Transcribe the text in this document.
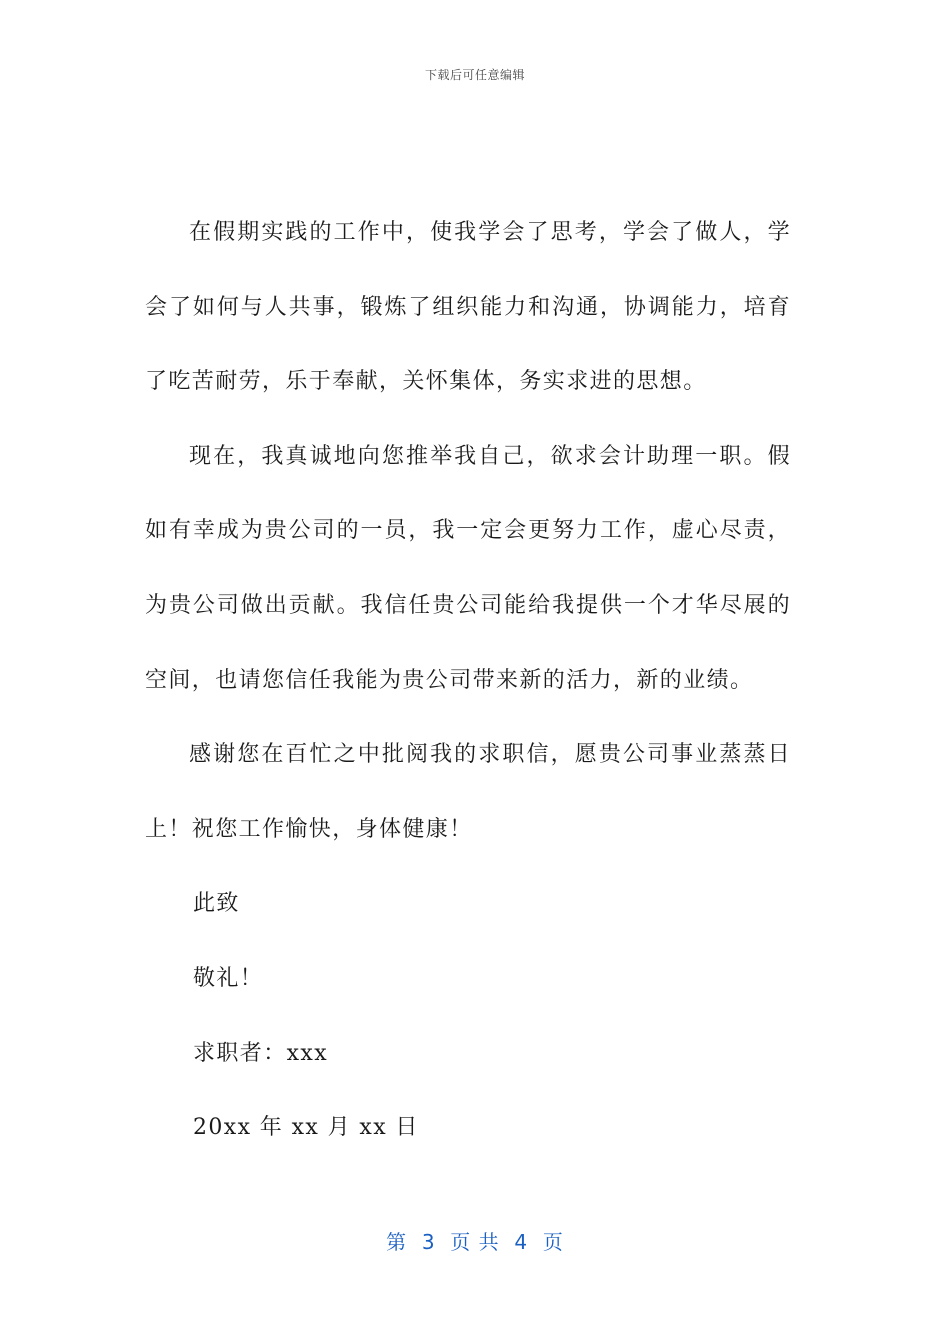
下载后可任意编辑

在假期实践的工作中，使我学会了思考，学会了做人，学会了如何与人共事，锻炼了组织能力和沟通，协调能力，培育了吃苦耐劳，乐于奉献，关怀集体，务实求进的思想。

现在，我真诚地向您推举我自己，欲求会计助理一职。假如有幸成为贵公司的一员，我一定会更努力工作，虚心尽责，为贵公司做出贡献。我信任贵公司能给我提供一个才华尽展的空间，也请您信任我能为贵公司带来新的活力，新的业绩。

感谢您在百忙之中批阅我的求职信，愿贵公司事业蒸蒸日上！祝您工作愉快，身体健康！

此致

敬礼！

求职者：xxx

20xx 年 xx 月 xx 日

第  3  页 共  4  页
